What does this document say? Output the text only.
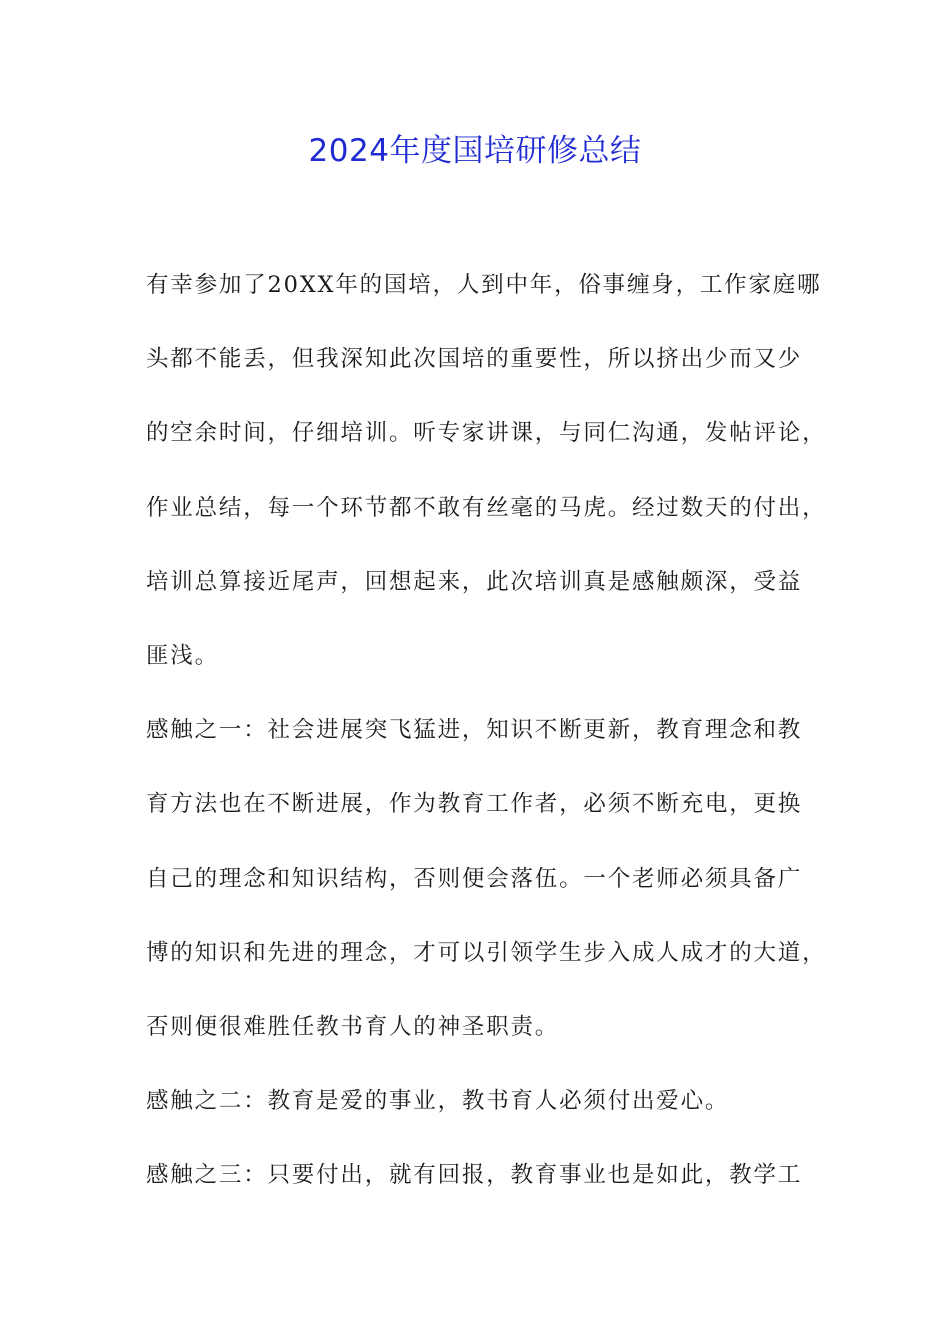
2024年度国培研修总结
有幸参加了20XX年的国培，人到中年，俗事缠身，工作家庭哪
头都不能丢，但我深知此次国培的重要性，所以挤出少而又少
的空余时间，仔细培训。听专家讲课，与同仁沟通，发帖评论，
作业总结，每一个环节都不敢有丝毫的马虎。经过数天的付出，
培训总算接近尾声，回想起来，此次培训真是感触颇深，受益
匪浅。
感触之一：社会进展突飞猛进，知识不断更新，教育理念和教
育方法也在不断进展，作为教育工作者，必须不断充电，更换
自己的理念和知识结构，否则便会落伍。一个老师必须具备广
博的知识和先进的理念，才可以引领学生步入成人成才的大道，
否则便很难胜任教书育人的神圣职责。
感触之二：教育是爱的事业，教书育人必须付出爱心。
感触之三：只要付出，就有回报，教育事业也是如此，教学工
